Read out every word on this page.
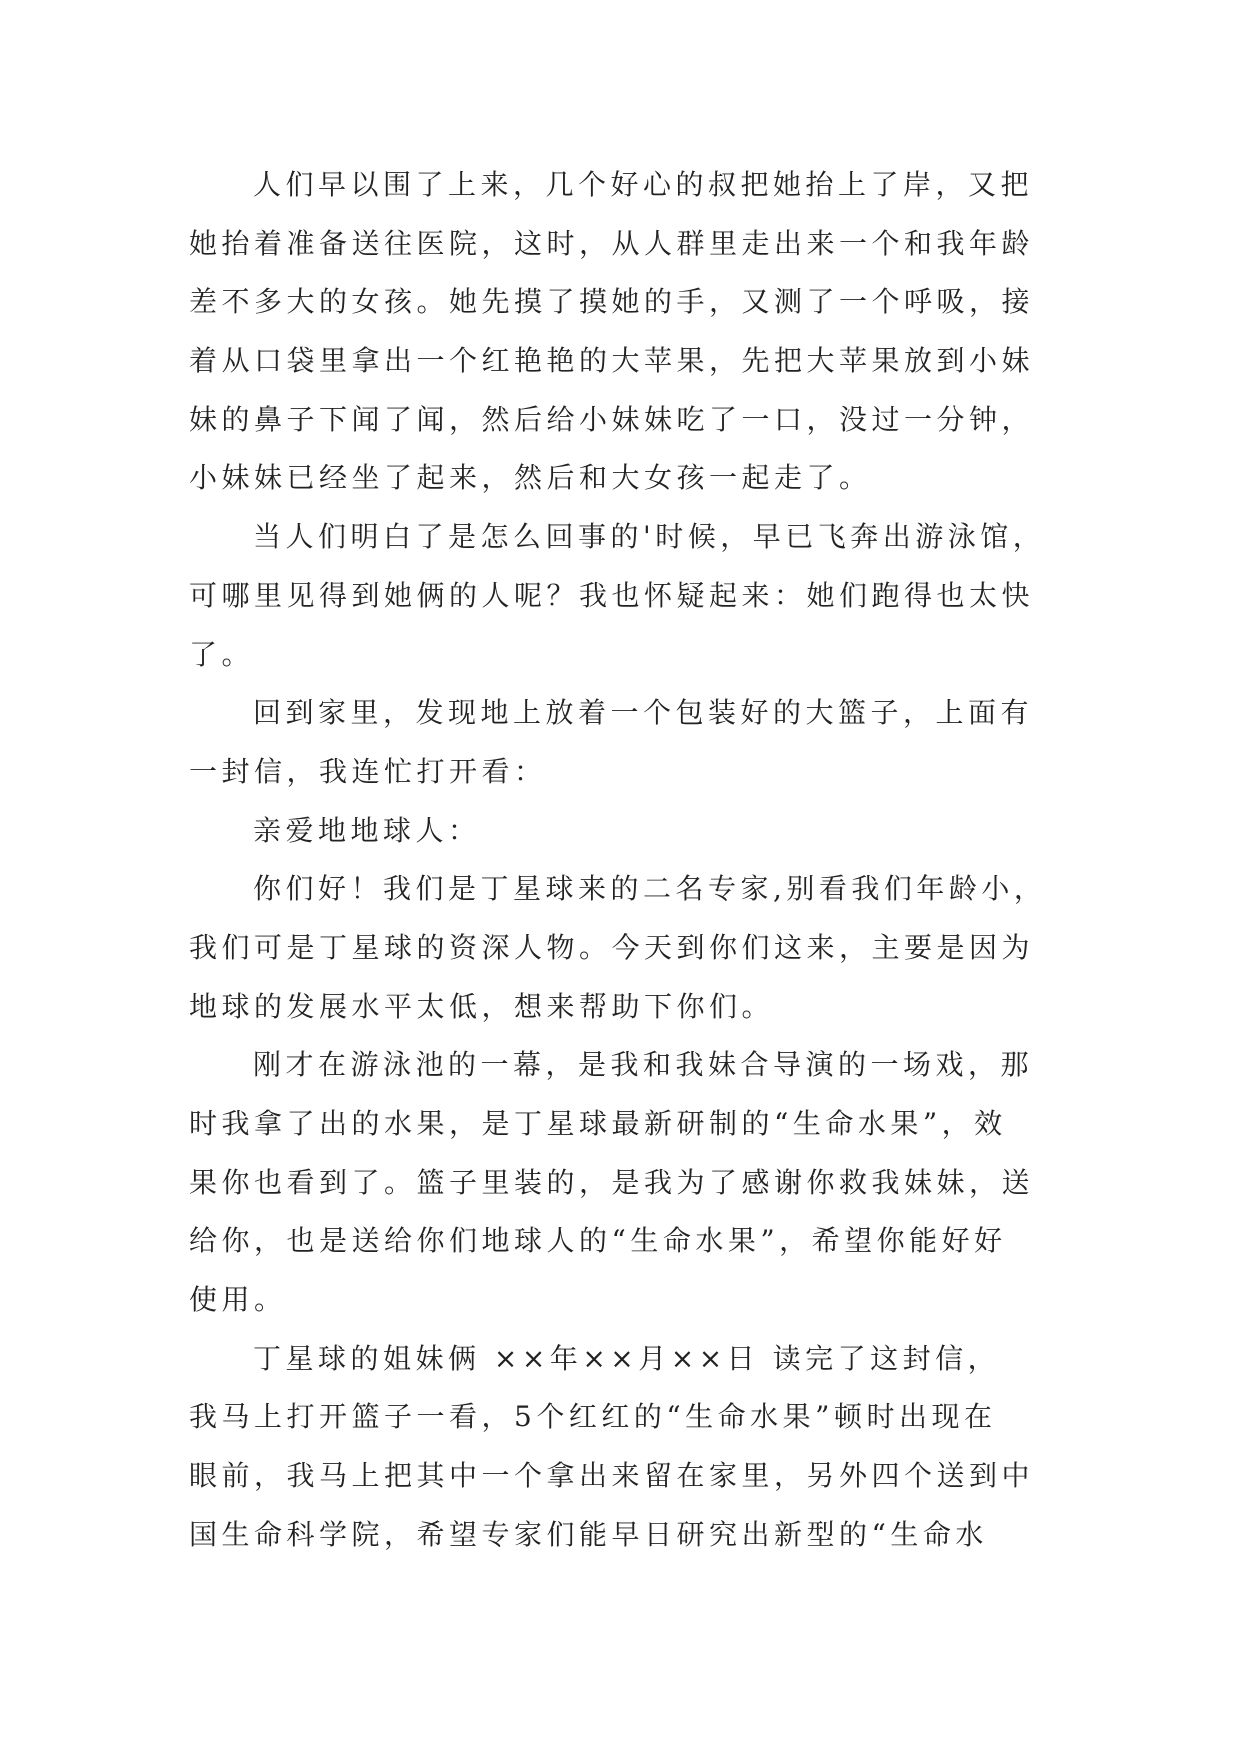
人们早以围了上来，几个好心的叔把她抬上了岸，又把
她抬着准备送往医院，这时，从人群里走出来一个和我年龄
差不多大的女孩。她先摸了摸她的手，又测了一个呼吸，接
着从口袋里拿出一个红艳艳的大苹果，先把大苹果放到小妹
妹的鼻子下闻了闻，然后给小妹妹吃了一口，没过一分钟，
小妹妹已经坐了起来，然后和大女孩一起走了。
当人们明白了是怎么回事的'时候，早已飞奔出游泳馆，
可哪里见得到她俩的人呢？我也怀疑起来：她们跑得也太快
了。
回到家里，发现地上放着一个包装好的大篮子，上面有
一封信，我连忙打开看：
亲爱地地球人：
你们好！我们是丁星球来的二名专家,别看我们年龄小，
我们可是丁星球的资深人物。今天到你们这来，主要是因为
地球的发展水平太低，想来帮助下你们。
刚才在游泳池的一幕，是我和我妹合导演的一场戏，那
时我拿了出的水果，是丁星球最新研制的“生命水果”，效
果你也看到了。篮子里装的，是我为了感谢你救我妹妹，送
给你，也是送给你们地球人的“生命水果”，希望你能好好
使用。
丁星球的姐妹俩 ××年××月××日 读完了这封信，
我马上打开篮子一看，5个红红的“生命水果”顿时出现在
眼前，我马上把其中一个拿出来留在家里，另外四个送到中
国生命科学院，希望专家们能早日研究出新型的“生命水
